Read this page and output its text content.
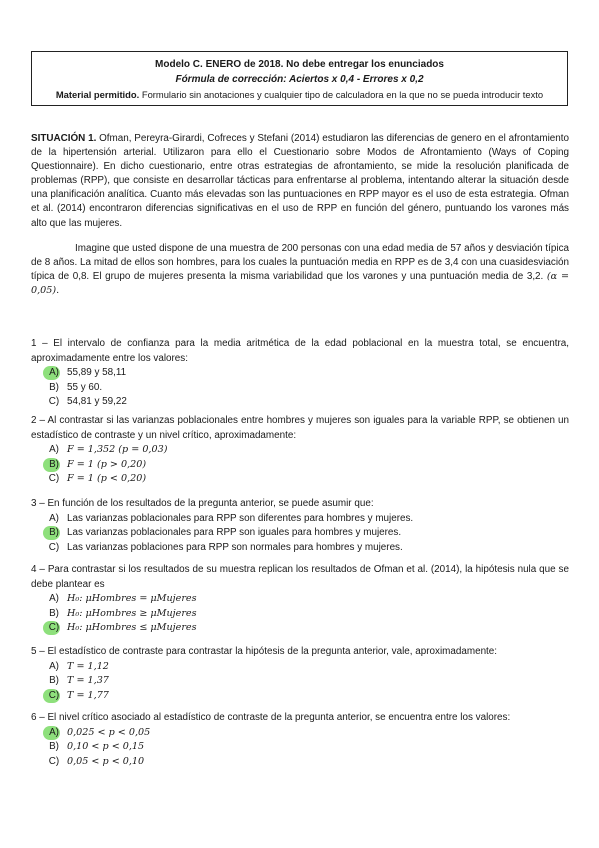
Modelo C. ENERO de 2018. No debe entregar los enunciados
Fórmula de corrección: Aciertos x 0,4 - Errores x 0,2
Material permitido. Formulario sin anotaciones y cualquier tipo de calculadora en la que no se pueda introducir texto

SITUACIÓN 1. Ofman, Pereyra-Girardi, Cofreces y Stefani (2014) estudiaron las diferencias de genero en el afrontamiento de la hipertensión arterial. Utilizaron para ello el Cuestionario sobre Modos de Afrontamiento (Ways of Coping Questionnaire). En dicho cuestionario, entre otras estrategias de afrontamiento, se mide la resolución planificada de problemas (RPP), que consiste en desarrollar tácticas para enfrentarse al problema, intentando alterar la situación desde una planificación analítica. Cuanto más elevadas son las puntuaciones en RPP mayor es el uso de esta estrategia. Ofman et al. (2014) encontraron diferencias significativas en el uso de RPP en función del género, puntuando los varones más alto que las mujeres.

Imagine que usted dispone de una muestra de 200 personas con una edad media de 57 años y desviación típica de 8 años. La mitad de ellos son hombres, para los cuales la puntuación media en RPP es de 3,4 con una cuasidesviación típica de 0,8. El grupo de mujeres presenta la misma variabilidad que los varones y una puntuación media de 3,2. (α = 0,05).

1 – El intervalo de confianza para la media aritmética de la edad poblacional en la muestra total, se encuentra, aproximadamente entre los valores:

A) 55,89 y 58,11
B) 55 y 60.
C) 54,81 y 59,22

2 – Al contrastar si las varianzas poblacionales entre hombres y mujeres son iguales para la variable RPP, se obtienen un estadístico de contraste y un nivel crítico, aproximadamente:

A) F = 1,352 (p = 0,03)
B) F = 1 (p > 0,20)
C) F = 1 (p < 0,20)

3 – En función de los resultados de la pregunta anterior, se puede asumir que:

A) Las varianzas poblacionales para RPP son diferentes para hombres y mujeres.
B) Las varianzas poblacionales para RPP son iguales para hombres y mujeres.
C) Las varianzas poblaciones para RPP son normales para hombres y mujeres.

4 – Para contrastar si los resultados de su muestra replican los resultados de Ofman et al. (2014), la hipótesis nula que se debe plantear es

A) H₀: μHombres = μMujeres
B) H₀: μHombres ≥ μMujeres
C) H₀: μHombres ≤ μMujeres

5 – El estadístico de contraste para contrastar la hipótesis de la pregunta anterior, vale, aproximadamente:

A) T = 1,12
B) T = 1,37
C) T = 1,77

6 – El nivel crítico asociado al estadístico de contraste de la pregunta anterior, se encuentra entre los valores:

A) 0,025 < p < 0,05
B) 0,10 < p < 0,15
C) 0,05 < p < 0,10
